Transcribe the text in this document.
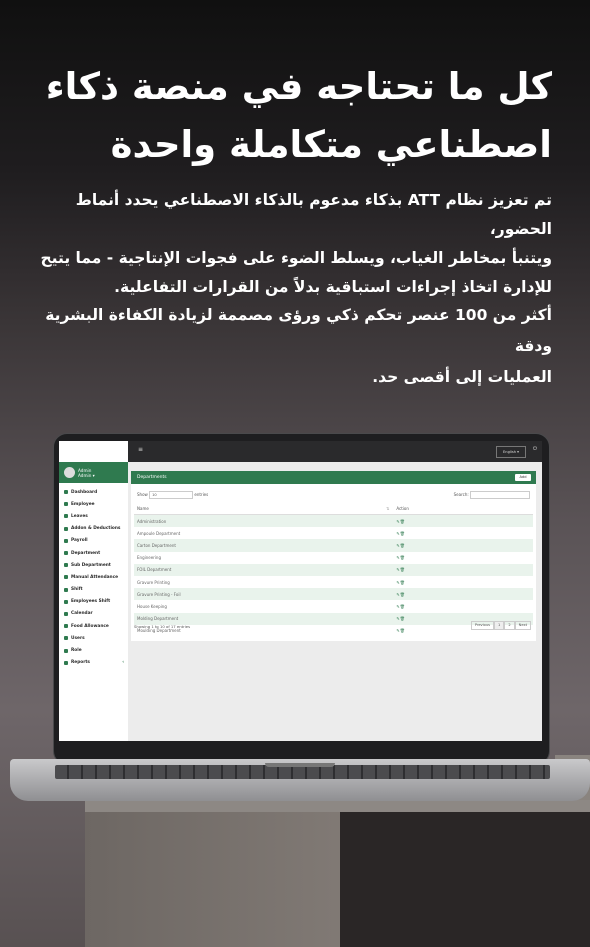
كل ما تحتاجه في منصة ذكاء
اصطناعي متكاملة واحدة
تم تعزيز نظام ATT بذكاء مدعوم بالذكاء الاصطناعي يحدد أنماط الحضور،
ويتنبأ بمخاطر الغياب، ويسلط الضوء على فجوات الإنتاجية - مما يتيح
للإدارة اتخاذ إجراءات استباقية بدلاً من القرارات التفاعلية.
أكثر من 100 عنصر تحكم ذكي ورؤى مصممة لزيادة الكفاءة البشرية ودقة
العمليات إلى أقصى حد.
Admin
Admin ▾
Dashboard
Employee
Leaves
Addon & Deductions
Payroll
Department
Sub Department
Manual Attendance
Shift
Employees Shift
Calendar
Food Allowance
Users
Role
Reports	‹
≡	English ▾	⏻
Departments	Add
Show 10	entries	Search:
Name ⇅	Action
Administration	✎🗑
Ampoule Department	✎🗑
Carton Department	✎🗑
Engineering	✎🗑
FOIL Department	✎🗑
Gravure Printing	✎🗑
Gravure Printing - Foil	✎🗑
House Keeping	✎🗑
Molding Department	✎🗑
Moulding Department	✎🗑
Showing 1 to 10 of 17 entries	Previous	1	2	Next
